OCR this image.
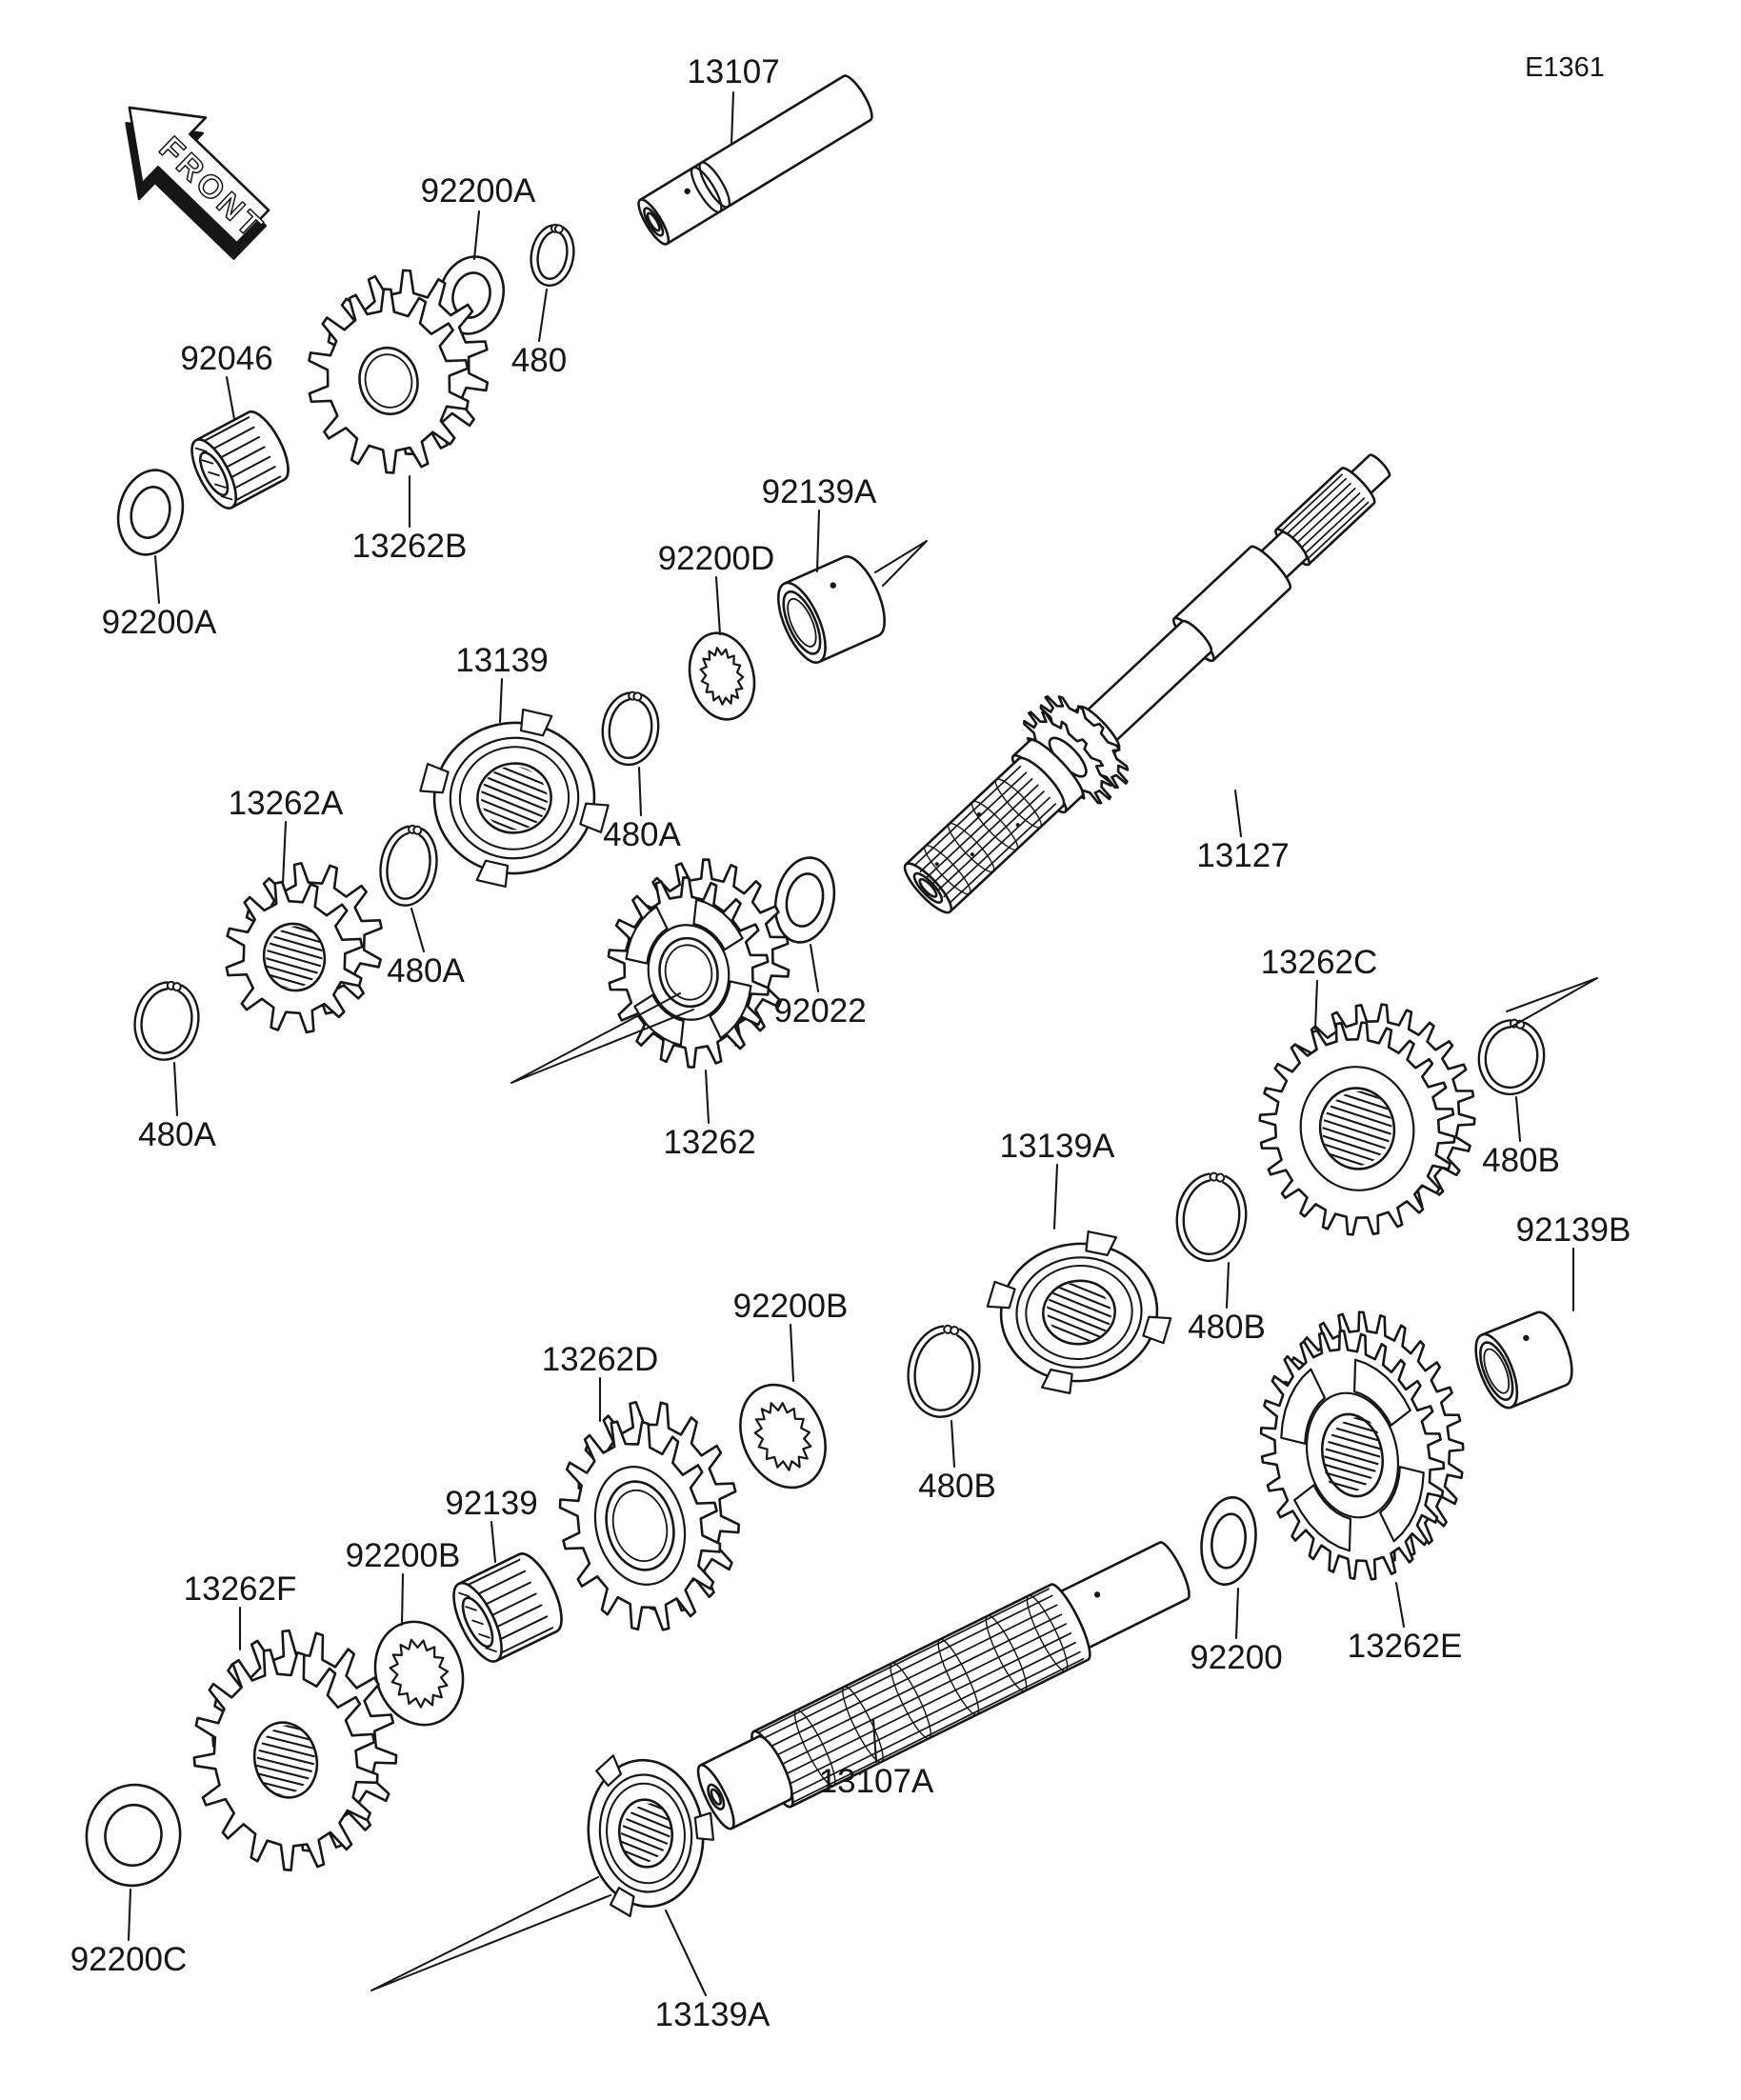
E1361
FRONT
13107
92200A
480
92046
13262B
92200A
92139A
92200D
13139
480A
13262A
480A
480A
13127
92022
13262
13262C
480B
13139A
480B
92139B
92200B
13262D
480B
92139
92200B
13262F
92200 13262E
13107A
92200C
13139A
